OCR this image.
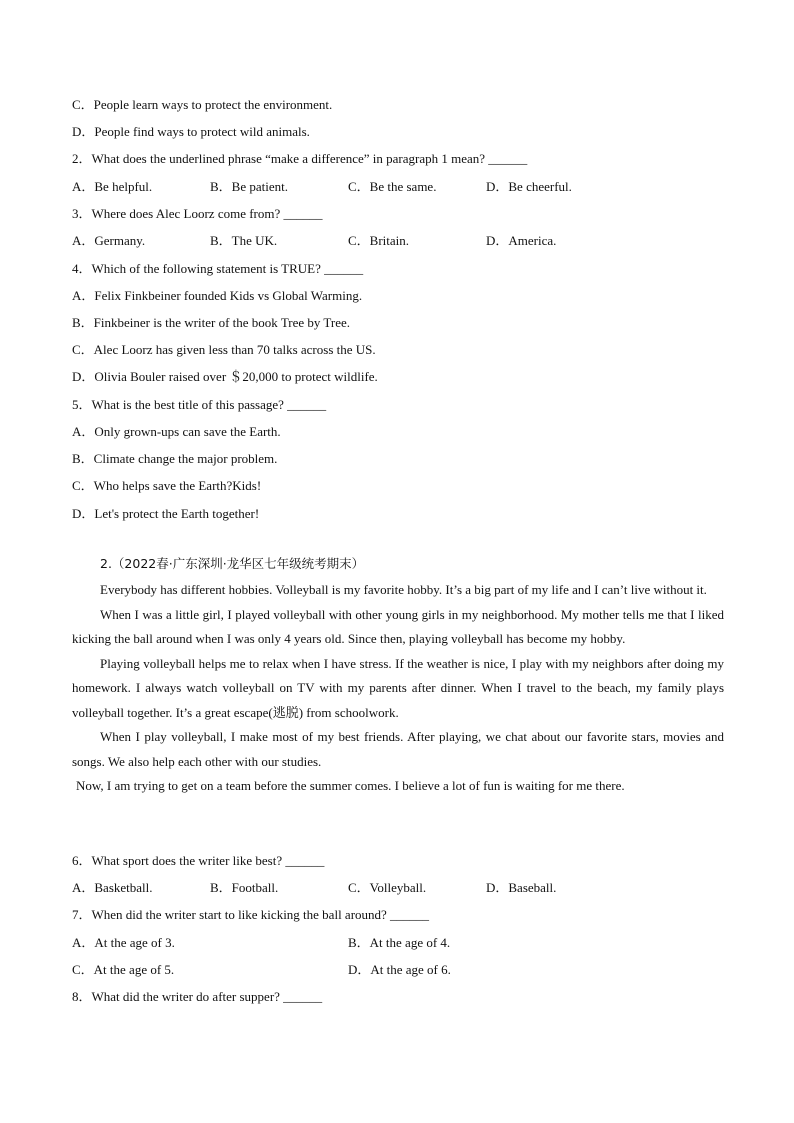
C．People learn ways to protect the environment.
D．People find ways to protect wild animals.
2．What does the underlined phrase “make a difference” in paragraph 1 mean? ______
A．Be helpful.	B．Be patient.	C．Be the same.	D．Be cheerful.
3．Where does Alec Loorz come from? ______
A．Germany.	B．The UK.	C．Britain.	D．America.
4．Which of the following statement is TRUE? ______
A．Felix Finkbeiner founded Kids vs Global Warming.
B．Finkbeiner is the writer of the book Tree by Tree.
C．Alec Loorz has given less than 70 talks across the US.
D．Olivia Bouler raised over ＄20,000 to protect wildlife.
5．What is the best title of this passage? ______
A．Only grown-ups can save the Earth.
B．Climate change the major problem.
C．Who helps save the Earth?Kids!
D．Let's protect the Earth together!
2.（2022春·广东深圳·龙华区七年级统考期末）

Everybody has different hobbies. Volleyball is my favorite hobby. It’s a big part of my life and I can’t live without it.

When I was a little girl, I played volleyball with other young girls in my neighborhood. My mother tells me that I liked kicking the ball around when I was only 4 years old. Since then, playing volleyball has become my hobby.

Playing volleyball helps me to relax when I have stress. If the weather is nice, I play with my neighbors after doing my homework. I always watch volleyball on TV with my parents after dinner. When I travel to the beach, my family plays volleyball together. It’s a great escape(逃脱) from schoolwork.

When I play volleyball, I make most of my best friends. After playing, we chat about our favorite stars, movies and songs. We also help each other with our studies.

Now, I am trying to get on a team before the summer comes. I believe a lot of fun is waiting for me there.

6．What sport does the writer like best? ______
A．Basketball.	B．Football.	C．Volleyball.	D．Baseball.
7．When did the writer start to like kicking the ball around? ______
A．At the age of 3.	B．At the age of 4.
C．At the age of 5.	D．At the age of 6.
8．What did the writer do after supper? ______
